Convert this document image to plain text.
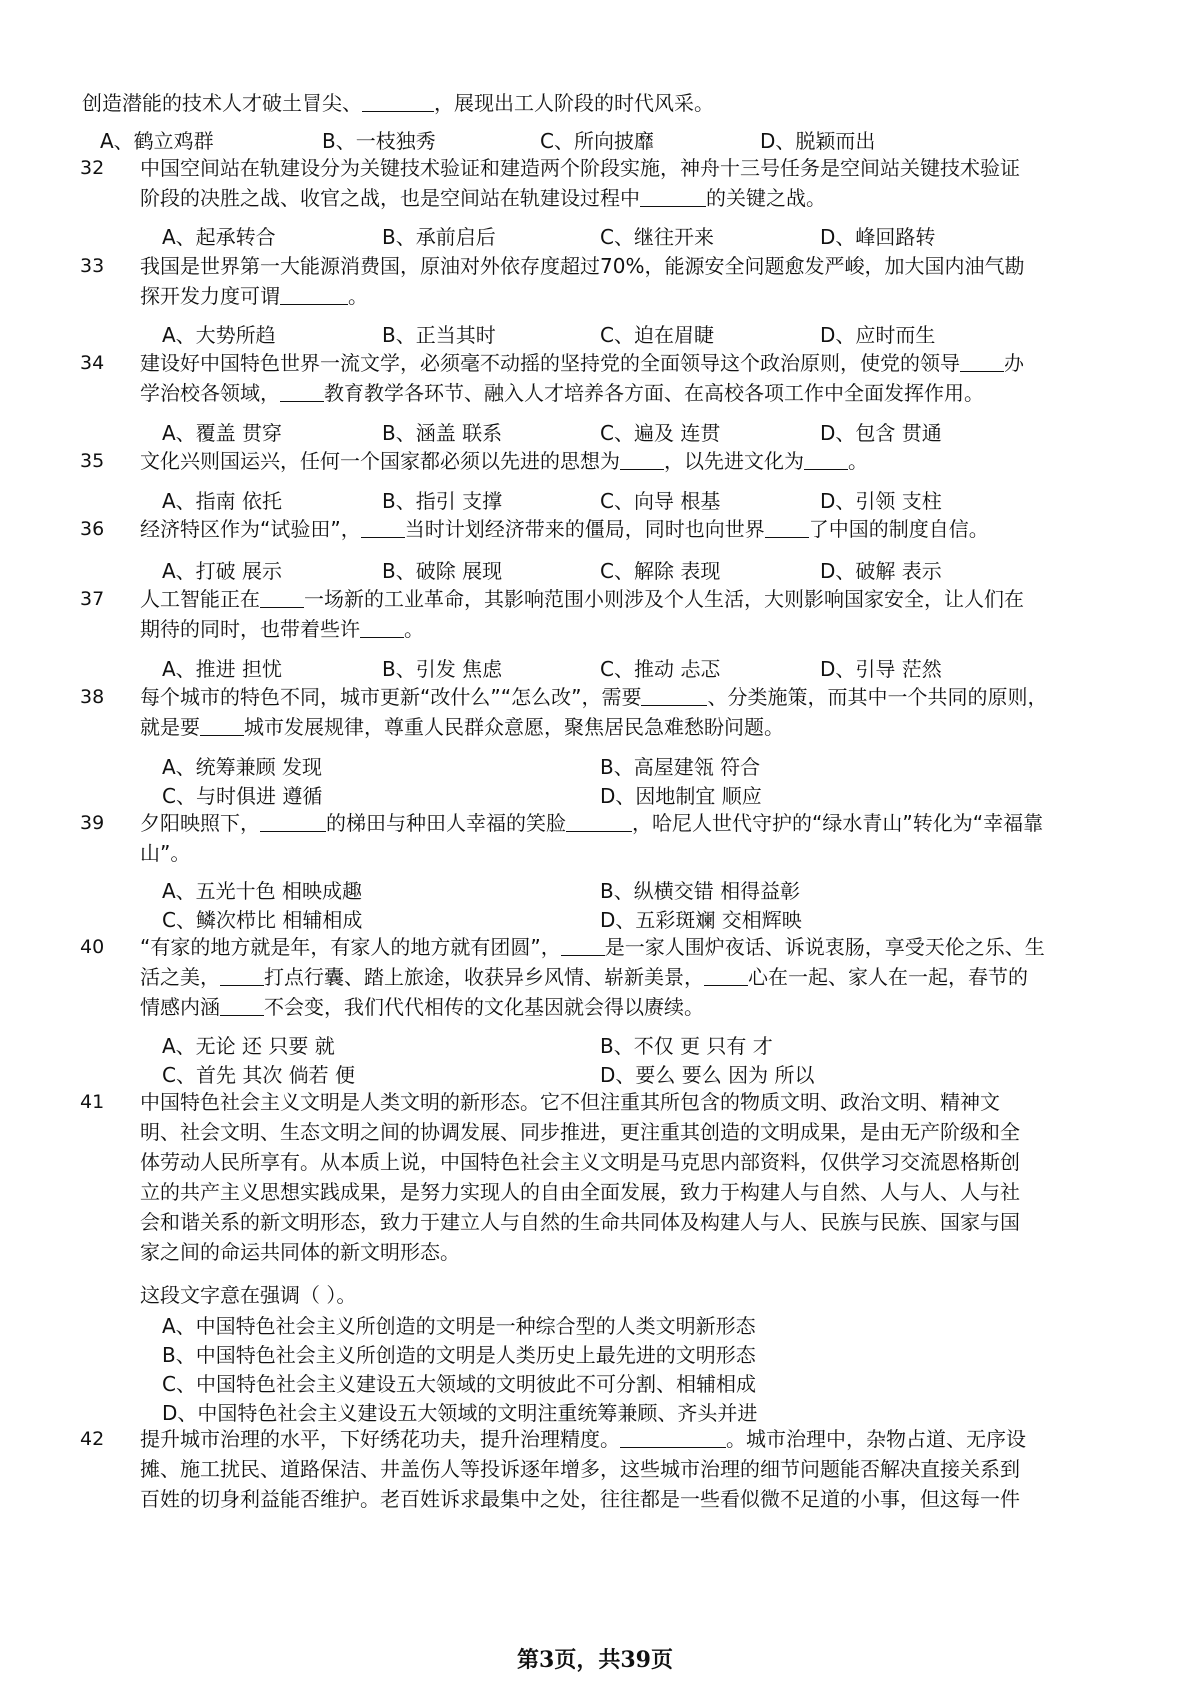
创造潜能的技术人才破土冒尖、	，展现出工人阶段的时代风采。
A、鹤立鸡群	B、一枝独秀	C、所向披靡	D、脱颖而出
32 中国空间站在轨建设分为关键技术验证和建造两个阶段实施，神舟十三号任务是空间站关键技术验证

阶段的决胜之战、收官之战，也是空间站在轨建设过程中	的关键之战。

A、起承转合	B、承前启后	C、继往开来	D、峰回路转
33 我国是世界第一大能源消费国，原油对外依存度超过70%，能源安全问题愈发严峻，加大国内油气勘

探开发力度可谓	。

A、大势所趋	B、正当其时	C、迫在眉睫	D、应时而生
34 建设好中国特色世界一流文学，必须毫不动摇的坚持党的全面领导这个政治原则，使党的领导 办

学治校各领域， 教育教学各环节、融入人才培养各方面、在高校各项工作中全面发挥作用。

A、覆盖 贯穿	B、涵盖 联系	C、遍及 连贯	D、包含 贯通
35 文化兴则国运兴，任何一个国家都必须以先进的思想为 ，以先进文化为 。

A、指南 依托	B、指引 支撑	C、向导 根基	D、引领 支柱
36 经济特区作为“试验田”， 当时计划经济带来的僵局，同时也向世界 了中国的制度自信。

A、打破 展示	B、破除 展现	C、解除 表现	D、破解 表示
37 人工智能正在 一场新的工业革命，其影响范围小则涉及个人生活，大则影响国家安全，让人们在

期待的同时，也带着些许 。

A、推进 担忧	B、引发 焦虑	C、推动 忐忑	D、引导 茫然
38 每个城市的特色不同，城市更新“改什么”“怎么改”，需要	、分类施策，而其中一个共同的原则，

就是要 城市发展规律，尊重人民群众意愿，聚焦居民急难愁盼问题。

A、统筹兼顾 发现	B、高屋建瓴 符合
C、与时俱进 遵循	D、因地制宜 顺应
39 夕阳映照下，	的梯田与种田人幸福的笑脸	，哈尼人世代守护的“绿水青山”转化为“幸福靠

山”。

A、五光十色 相映成趣	B、纵横交错 相得益彰
C、鳞次栉比 相辅相成	D、五彩斑斓 交相辉映
40 “有家的地方就是年，有家人的地方就有团圆”， 是一家人围炉夜话、诉说衷肠，享受天伦之乐、生

活之美， 打点行囊、踏上旅途，收获异乡风情、崭新美景， 心在一起、家人在一起，春节的

情感内涵 不会变，我们代代相传的文化基因就会得以赓续。

A、无论 还 只要 就	B、不仅 更 只有 才
C、首先 其次 倘若 便	D、要么 要么 因为 所以
41 中国特色社会主义文明是人类文明的新形态。它不但注重其所包含的物质文明、政治文明、精神文

明、社会文明、生态文明之间的协调发展、同步推进，更注重其创造的文明成果，是由无产阶级和全

体劳动人民所享有。从本质上说，中国特色社会主义文明是马克思内部资料，仅供学习交流恩格斯创

立的共产主义思想实践成果，是努力实现人的自由全面发展，致力于构建人与自然、人与人、人与社

会和谐关系的新文明形态，致力于建立人与自然的生命共同体及构建人与人、民族与民族、国家与国

家之间的命运共同体的新文明形态。

这段文字意在强调（ ）。

A、中国特色社会主义所创造的文明是一种综合型的人类文明新形态
B、中国特色社会主义所创造的文明是人类历史上最先进的文明形态
C、中国特色社会主义建设五大领域的文明彼此不可分割、相辅相成
D、中国特色社会主义建设五大领域的文明注重统筹兼顾、齐头并进
42 提升城市治理的水平，下好绣花功夫，提升治理精度。	。城市治理中，杂物占道、无序设

摊、施工扰民、道路保洁、井盖伤人等投诉逐年增多，这些城市治理的细节问题能否解决直接关系到

百姓的切身利益能否维护。老百姓诉求最集中之处，往往都是一些看似微不足道的小事，但这每一件

第3页，共39页
